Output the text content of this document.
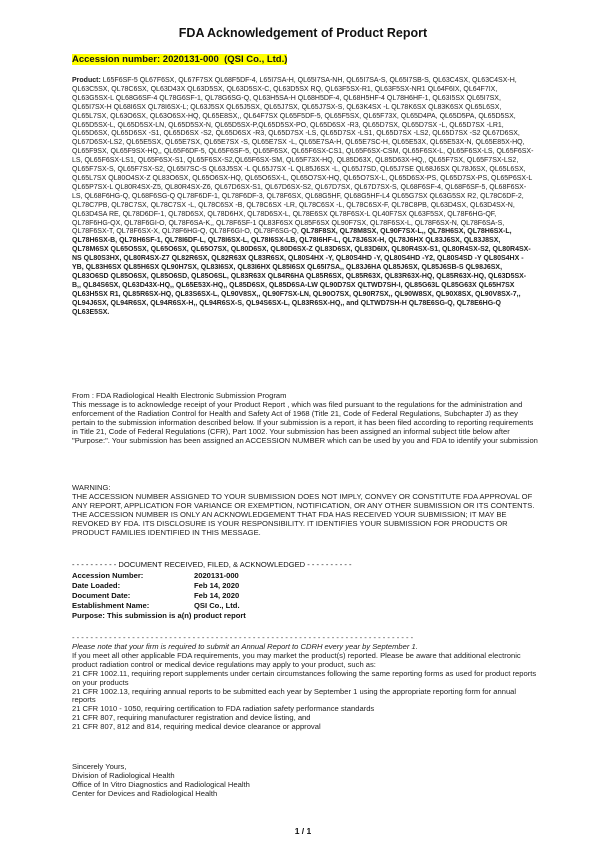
FDA Acknowledgement of Product Report
Accession number: 2020131-000 (QSI Co., Ltd.)
Product: L65F6SF-5 QL67F6SX, QL67F7SX QL68F5DF-4, L65I7SA-H, QL65I7SA-NH, QL65I7SA-S, QL65I7SB-S, QL63C4SX, QL63C4SX-H, QL63C5SX, QL78C6SX, QL63D43X QL63D5SX, QL63D5SX-C, QL63D5SX RQ, QL63F5SX-R1, QL63F5SX-NR1 QL64F6IX, QL64F7IX, QL63G5SX-L QL68G6SF-4 QL78G6SF-1, QL78G6SG-Q, QL63H5SA-H QL68H5DF-4, QL68H5HF-4 QL78H6HF-1, QL63I5SX QL65I7SX, QL65I7SX-H QL68I6SX QL78I6SX-L; QL63J5SX QL65J5SX, QL65J7SX, QL65J7SX-S, QL63K4SX -L QL78K6SX QL83K6SX QL65L6SX, QL65L7SX, QL63O6SX, QL63O6SX-HQ, QL65E8SX,, QL64F7SX QL65F5DF-5, QL65F5SX, QL65F73X, QL65D4PA, QL65D5PA, QL65D5SX, QL65D5SX-L, QL65D5SX-LN, QL65D5SX-N, QL65D5SX-P,QL65D5SX-PO, QL65D6SX -R3, QL65D7SX, QL65D7SX -L, QL65D7SX -LR1, QL65D6SX, QL65D6SX -S1, QL65D6SX -S2, QL65D6SX -R3, QL65D7SX -LS, QL65D7SX -LS1, QL65D7SX -LS2, QL65D7SX -S2 QL67D6SX, QL67D6SX-LS2, QL65E5SX, QL65E7SX, QL65E7SX -S, QL65E7SX -L, QL65E7SA-H, QL65E7SC-H, QL65E53X, QL65E53X-N, QL65E85X-HQ, QL65F9SX, QL65F9SX-HQ,, QL65F6DF-5, QL65F6SF-5, QL65F6SX, QL65F6SX-CS1, QL65F6SX-CSM, QL65F6SX-L, QL65F6SX-LS, QL65F6SX-LS, QL65F6SX-LS1, QL65F6SX-S1, QL65F6SX-S2,QL65F6SX-SM, QL65F73X-HQ, QL85D63X, QL85D63X-HQ,, QL65F7SX, QL65F7SX-LS2, QL65F7SX-S, QL65F7SX-S2, QL65I7SC-S QL63J5SX -L QL65J7SX -L QL85J6SX -L, QL65J7SD, QL65J7SE QL68J6SX QL78J6SX, QL65L6SX, QL65L7SX QL80O4SX-Z QL83O6SX, QL65O6SX-HQ, QL65O6SX-L, QL65O7SX-HQ, QL65O7SX-L, QL65D6SX-PS, QL65D7SX-PS, QL65P6SX-L QL65P7SX-L QL80R4SX-Z5, QL80R4SX-Z6, QL67D6SX-S1, QL67D6SX-S2, QL67D7SX, QL67D7SX-S, QL68F6SF-4, QL68F6SF-5, QL68F6SX-LS, QL68F6HG-Q, QL68F6SG-Q QL78F6DF-1, QL78F6DF-3, QL78F6SX, QL68G5HF, QL68G5HF-L4 QL65G7SX QL63G5SX R2, QL78C6DF-2, QL78C7PB, QL78C7SX, QL78C7SX -L, QL78C6SX -B, QL78C6SX -LR, QL78C6SX -L, QL78C6SX-F, QL78C8PB, QL63D4SX, QL63D4SX-N, QL63D4SA RE, QL78D6DF-1, QL78D6SX, QL78D6HX, QL78D6SX-L, QL78E6SX QL78F6SX-L QL40F7SX QL63F5SX, QL78F6HG-QF, QL78F6HG-QX, QL78F6GI-O, QL78F6SA-K,, QL78F6SF-1 QL83F6SX QL85F6SX QL90F7SX, QL78F6SX-L, QL78F6SX-N, QL78F6SA-S, QL78F6SX-T, QL78F6SX-X, QL78F6HG-Q, QL78F6GI-O, QL78F6SG-Q, QL78F8SX, QL78M8SX, QL90F7SX-L,, QL78H6SX, QL78H6SX-L, QL78H6SX-B, QL78H6SF-1, QL78I6DF-L, QL78I6SX-L, QL78I6SX-LB, QL78I6HF-L, QL78J6SX-H, QL78J6HX QL83J6SX, QL83J8SX, QL78M6SX QL65O5SX, QL65O6SX, QL65O7SX, QL80D6SX, QL80D6SX-Z QL83D6SX, QL83D6IX, QL80R4SX-S1, QL80R4SX-S2, QL80R4SX-NS QL80S3HX, QL80R4SX-Z7 QL82R6SX, QL82R63X QL83R6SX, QL80S4HX -Y, QL80S4HD -Y, QL80S4HD -Y2, QL80S4SD -Y QL80S4HX -YB, QL83H6SX QL85H6SX QL90H7SX, QL83I6SX, QL83I6HX QL85I6SX QL65I7SA,, QL83J6HA QL85J6SX, QL85J6SB-S QL98J6SX, QL83O6SD QL85O6SX, QL85O6SD, QL85O6SL, QL83R63X QL84R6HA QL85R6SX, QL85R63X, QL83R63X-HQ, QL85R63X-HQ, QL63D5SX-B,, QL84S6SX, QL63D43X-HQ,, QL65E53X-HQ,, QL85D6SX, QL85D6SA-LW QL90D7SX QLTWD7SH-I, QL85G63L QL85G63X QL65H7SX QL63H5SX R1, QL85R6SX-HQ, QL83S6SX-L, QL90V8SX,, QL90F7SX-LN, QL90O7SX, QL90R7SX,, QL90W8SX, QL90X8SX, QL90V8SX-7,, QL94J6SX, QL94R6SX, QL94R6SX-H,, QL94R6SX-S, QL94S6SX-L, QL83R6SX-HQ,, and QLTWD7SH-H QL78E6SG-Q, QL78E6HG-Q QL63E5SX.

From : FDA Radiological Health Electronic Submission Program

This message is to acknowledge receipt of your Product Report , which was filed pursuant to the regulations for the administration and enforcement of the Radiation Control for Health and Safety Act of 1968 (Title 21, Code of Federal Regulations, Subchapter J) as they pertain to the submission information described below. If your submission is a report, it has been filed according to reporting requirements in Title 21, Code of Federal Regulations (CFR), Part 1002. Your submission has been assigned an informal subject title below after "Purpose:". Your submission has been assigned an ACCESSION NUMBER which can be used by you and FDA to identify your submission

WARNING:

THE ACCESSION NUMBER ASSIGNED TO YOUR SUBMISSION DOES NOT IMPLY, CONVEY OR CONSTITUTE FDA APPROVAL OF ANY REPORT, APPLICATION FOR VARIANCE OR EXEMPTION, NOTIFICATION, OR ANY OTHER SUBMISSION OR ITS CONTENTS. THE ACCESSION NUMBER IS ONLY AN ACKNOWLEDGEMENT THAT FDA HAS RECEIVED YOUR SUBMISSION; IT MAY BE REVOKED BY FDA. ITS DISCLOSURE IS YOUR RESPONSIBILITY. IT IDENTIFIES YOUR SUBMISSION FOR PRODUCTS OR PRODUCT FAMILIES IDENTIFIED IN THIS MESSAGE.

- - - - - - - - - - DOCUMENT RECEIVED, FILED, & ACKNOWLEDGED - - - - - - - - - -
Accession Number:	2020131-000
Date Loaded:	Feb 14, 2020
Document Date:	Feb 14, 2020
Establishment Name:	QSI Co., Ltd.
Purpose: This submission is a(n) product report
- - - - - - - - - - - - - - - - - - - - - - - - - - - - - - - - - - - - - - - - - - - - - - - - - - - - - - - - - - - - - - - - - - - - - - - - - -

Please note that your firm is required to submit an Annual Report to CDRH every year by September 1.

If you meet all other applicable FDA requirements, you may market the product(s) reported. Please be aware that additional electronic product radiation control or medical device regulations may apply to your product, such as:

21 CFR 1002.11, requiring report supplements under certain circumstances following the same reporting forms as used for product reports on your products

21 CFR 1002.13, requiring annual reports to be submitted each year by September 1 using the appropriate reporting form for annual reports

21 CFR 1010 - 1050, requiring certification to FDA radiation safety performance standards

21 CFR 807, requiring manufacturer registration and device listing, and

21 CFR 807, 812 and 814, requiring medical device clearance or approval

Sincerely Yours,

Division of Radiological Health

Office of In Vitro Diagnostics and Radiological Health

Center for Devices and Radiological Health

1 / 1
